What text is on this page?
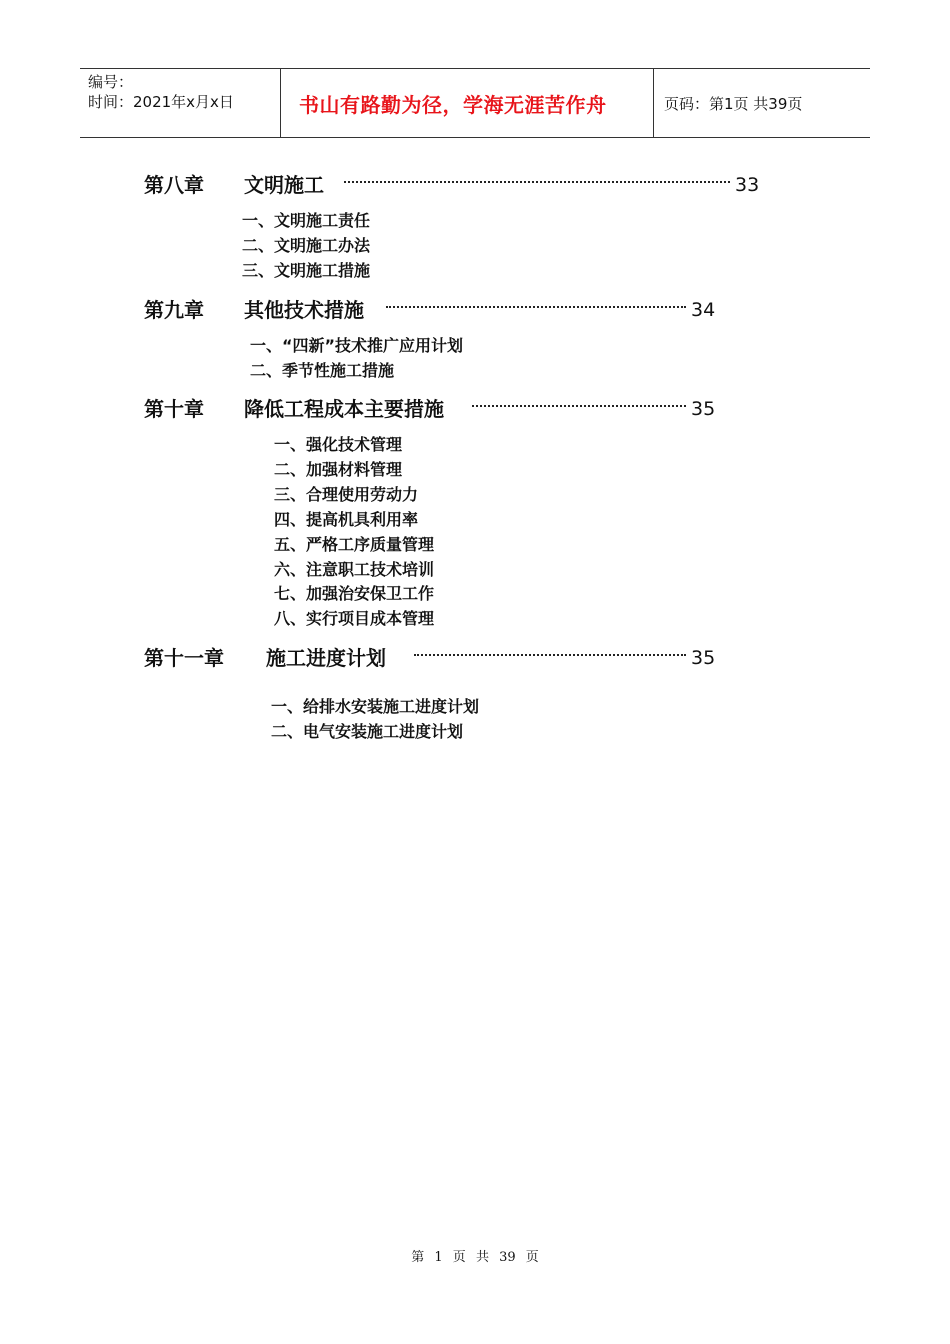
编号：
时间：2021年x月x日	书山有路勤为径，学海无涯苦作舟	页码：第1页 共39页
第八章 文明施工	33
一、文明施工责任
二、文明施工办法
三、文明施工措施
第九章 其他技术措施	34
一、“四新”技术推广应用计划
二、季节性施工措施
第十章 降低工程成本主要措施	35
一、强化技术管理
二、加强材料管理
三、合理使用劳动力
四、提高机具利用率
五、严格工序质量管理
六、注意职工技术培训
七、加强治安保卫工作
八、实行项目成本管理
第十一章 施工进度计划	35
一、给排水安装施工进度计划
二、电气安装施工进度计划
第 1 页 共 39 页
